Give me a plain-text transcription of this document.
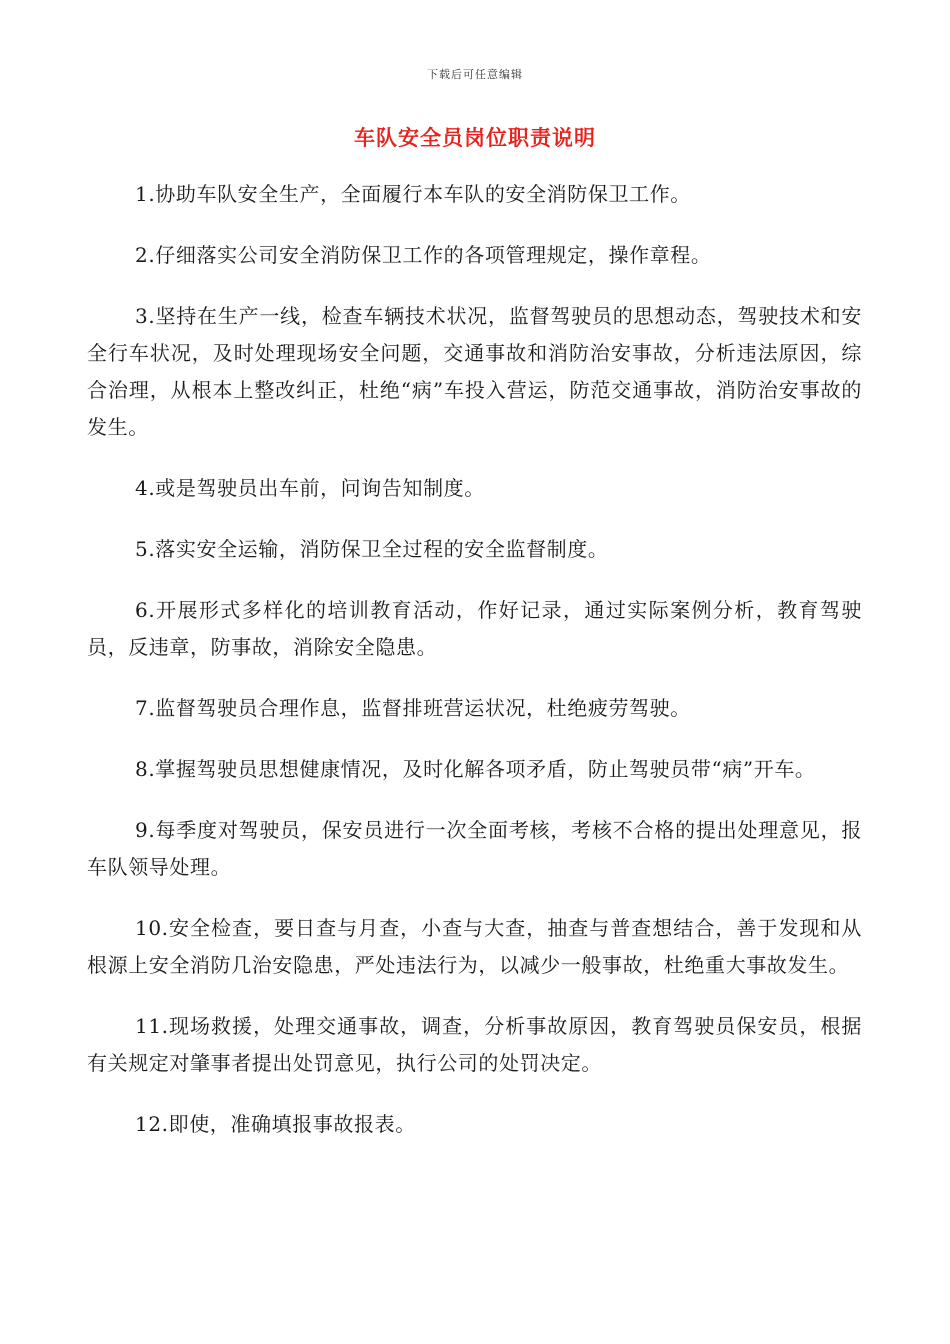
下载后可任意编辑
车队安全员岗位职责说明

1.协助车队安全生产，全面履行本车队的安全消防保卫工作。

2.仔细落实公司安全消防保卫工作的各项管理规定，操作章程。

3.坚持在生产一线，检查车辆技术状况，监督驾驶员的思想动态，驾驶技术和安全行车状况，及时处理现场安全问题，交通事故和消防治安事故，分析违法原因，综合治理，从根本上整改纠正，杜绝“病”车投入营运，防范交通事故，消防治安事故的发生。

4.或是驾驶员出车前，问询告知制度。

5.落实安全运输，消防保卫全过程的安全监督制度。

6.开展形式多样化的培训教育活动，作好记录，通过实际案例分析，教育驾驶员，反违章，防事故，消除安全隐患。

7.监督驾驶员合理作息，监督排班营运状况，杜绝疲劳驾驶。

8.掌握驾驶员思想健康情况，及时化解各项矛盾，防止驾驶员带“病”开车。

9.每季度对驾驶员，保安员进行一次全面考核，考核不合格的提出处理意见，报车队领导处理。

10.安全检查，要日查与月查，小查与大查，抽查与普查想结合，善于发现和从根源上安全消防几治安隐患，严处违法行为，以减少一般事故，杜绝重大事故发生。

11.现场救援，处理交通事故，调查，分析事故原因，教育驾驶员保安员，根据有关规定对肇事者提出处罚意见，执行公司的处罚决定。

12.即使，准确填报事故报表。
